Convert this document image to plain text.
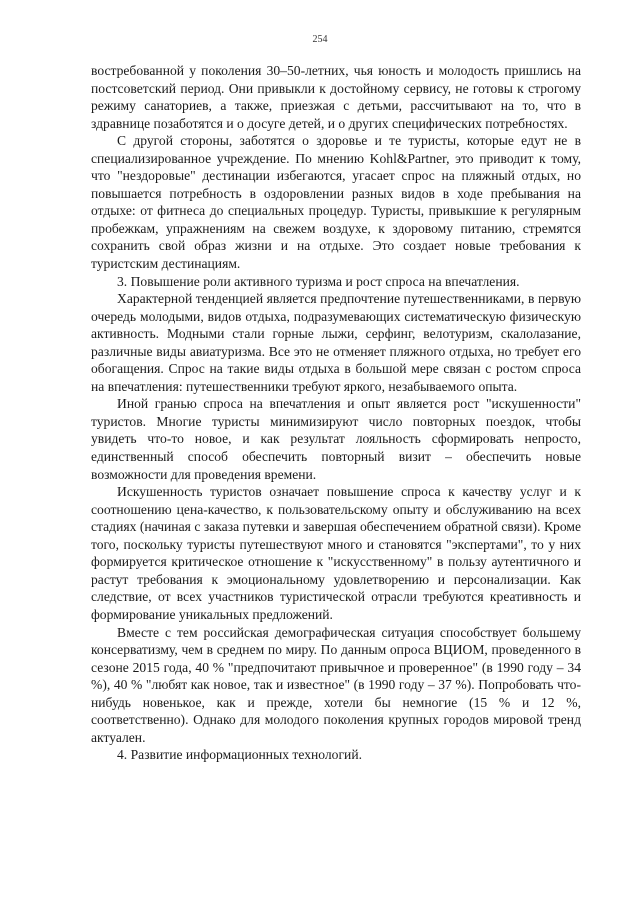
254

востребованной у поколения 30–50-летних, чья юность и молодость пришлись на постсоветский период. Они привыкли к достойному сервису, не готовы к строгому режиму санаториев, а также, приезжая с детьми, рассчитывают на то, что в здравнице позаботятся и о досуге детей, и о других специфических потребностях.

С другой стороны, заботятся о здоровье и те туристы, которые едут не в специализированное учреждение. По мнению Kohl&Partner, это приводит к тому, что "нездоровые" дестинации избегаются, угасает спрос на пляжный отдых, но повышается потребность в оздоровлении разных видов в ходе пребывания на отдыхе: от фитнеса до специальных процедур. Туристы, привыкшие к регулярным пробежкам, упражнениям на свежем воздухе, к здоровому питанию, стремятся сохранить свой образ жизни и на отдыхе. Это создает новые требования к туристским дестинациям.

3. Повышение роли активного туризма и рост спроса на впечатления.

Характерной тенденцией является предпочтение путешественниками, в первую очередь молодыми, видов отдыха, подразумевающих систематическую физическую активность. Модными стали горные лыжи, серфинг, велотуризм, скалолазание, различные виды авиатуризма. Все это не отменяет пляжного отдыха, но требует его обогащения. Спрос на такие виды отдыха в большой мере связан с ростом спроса на впечатления: путешественники требуют яркого, незабываемого опыта.

Иной гранью спроса на впечатления и опыт является рост "искушенности" туристов. Многие туристы минимизируют число повторных поездок, чтобы увидеть что-то новое, и как результат лояльность сформировать непросто, единственный способ обеспечить повторный визит – обеспечить новые возможности для проведения времени.

Искушенность туристов означает повышение спроса к качеству услуг и к соотношению цена-качество, к пользовательскому опыту и обслуживанию на всех стадиях (начиная с заказа путевки и завершая обеспечением обратной связи). Кроме того, поскольку туристы путешествуют много и становятся "экспертами", то у них формируется критическое отношение к "искусственному" в пользу аутентичного и растут требования к эмоциональному удовлетворению и персонализации. Как следствие, от всех участников туристической отрасли требуются креативность и формирование уникальных предложений.

Вместе с тем российская демографическая ситуация способствует большему консерватизму, чем в среднем по миру. По данным опроса ВЦИОМ, проведенного в сезоне 2015 года, 40 % "предпочитают привычное и проверенное" (в 1990 году – 34 %), 40 % "любят как новое, так и известное" (в 1990 году – 37 %). Попробовать что-нибудь новенькое, как и прежде, хотели бы немногие (15 % и 12 %, соответственно). Однако для молодого поколения крупных городов мировой тренд актуален.

4. Развитие информационных технологий.
